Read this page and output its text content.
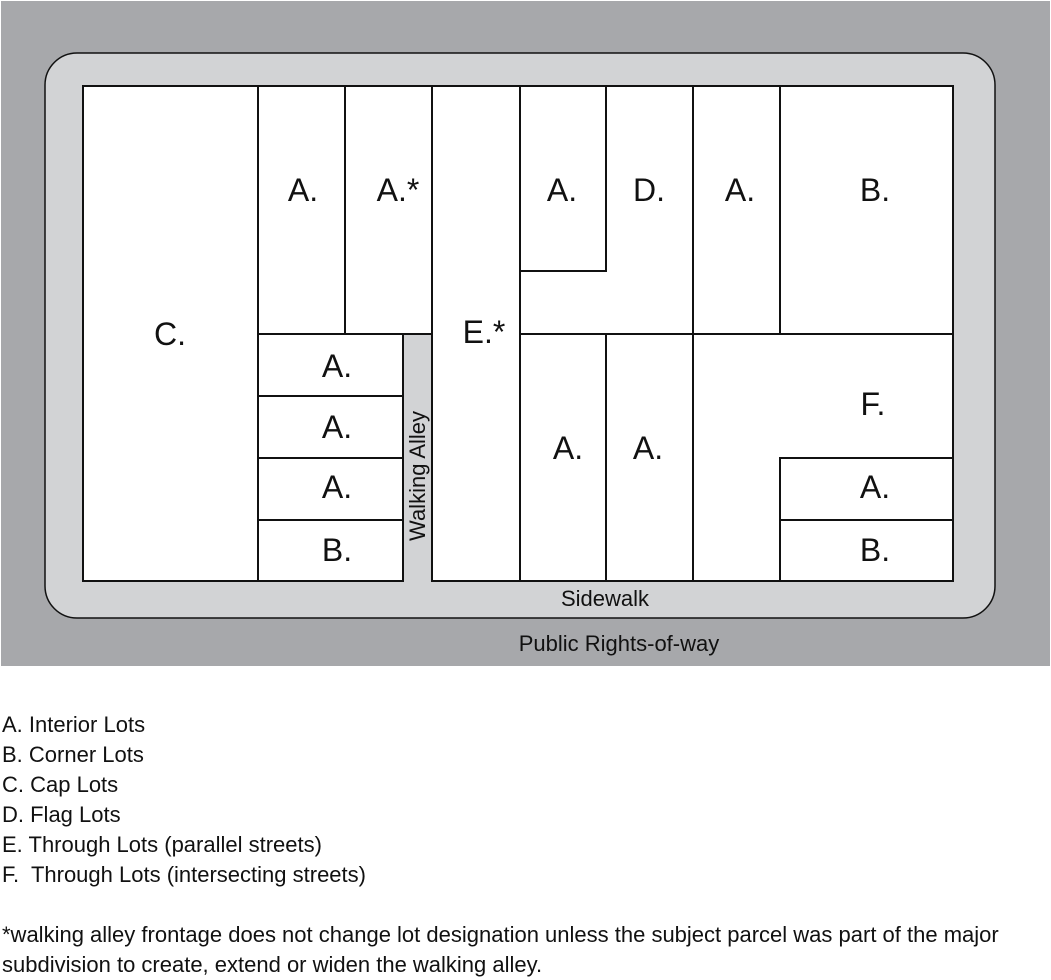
C.
A. A.*
E.*
A. D. A.	B.
A.
A.
A.
B.
A. A.
F.
A.
B.
Walking Alley
Sidewalk
Public Rights-of-way
A. Interior Lots
B. Corner Lots
C. Cap Lots
D. Flag Lots
E. Through Lots (parallel streets)
F.  Through Lots (intersecting streets)
*walking alley frontage does not change lot designation unless the subject parcel was part of the major subdivision to create, extend or widen the walking alley.
